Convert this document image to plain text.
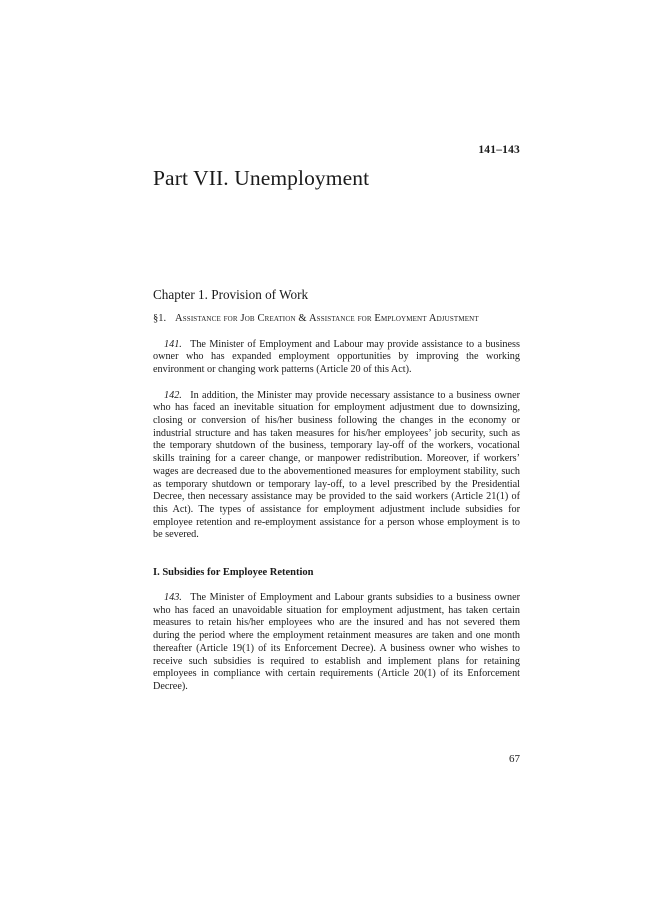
141–143
Part VII. Unemployment
Chapter 1. Provision of Work
§1. Assistance for Job Creation & Assistance for Employment Adjustment

141. The Minister of Employment and Labour may provide assistance to a business owner who has expanded employment opportunities by improving the working environment or changing work patterns (Article 20 of this Act).

142. In addition, the Minister may provide necessary assistance to a business owner who has faced an inevitable situation for employment adjustment due to downsizing, closing or conversion of his/her business following the changes in the economy or industrial structure and has taken measures for his/her employees’ job security, such as the temporary shutdown of the business, temporary lay-off of the workers, vocational skills training for a career change, or manpower redistribution. Moreover, if workers’ wages are decreased due to the abovementioned measures for employment stability, such as temporary shutdown or temporary lay-off, to a level prescribed by the Presidential Decree, then necessary assistance may be provided to the said workers (Article 21(1) of this Act). The types of assistance for employment adjustment include subsidies for employee retention and re-employment assistance for a person whose employment is to be severed.

I. Subsidies for Employee Retention

143. The Minister of Employment and Labour grants subsidies to a business owner who has faced an unavoidable situation for employment adjustment, has taken certain measures to retain his/her employees who are the insured and has not severed them during the period where the employment retainment measures are taken and one month thereafter (Article 19(1) of its Enforcement Decree). A business owner who wishes to receive such subsidies is required to establish and implement plans for retaining employees in compliance with certain requirements (Article 20(1) of its Enforcement Decree).

67
